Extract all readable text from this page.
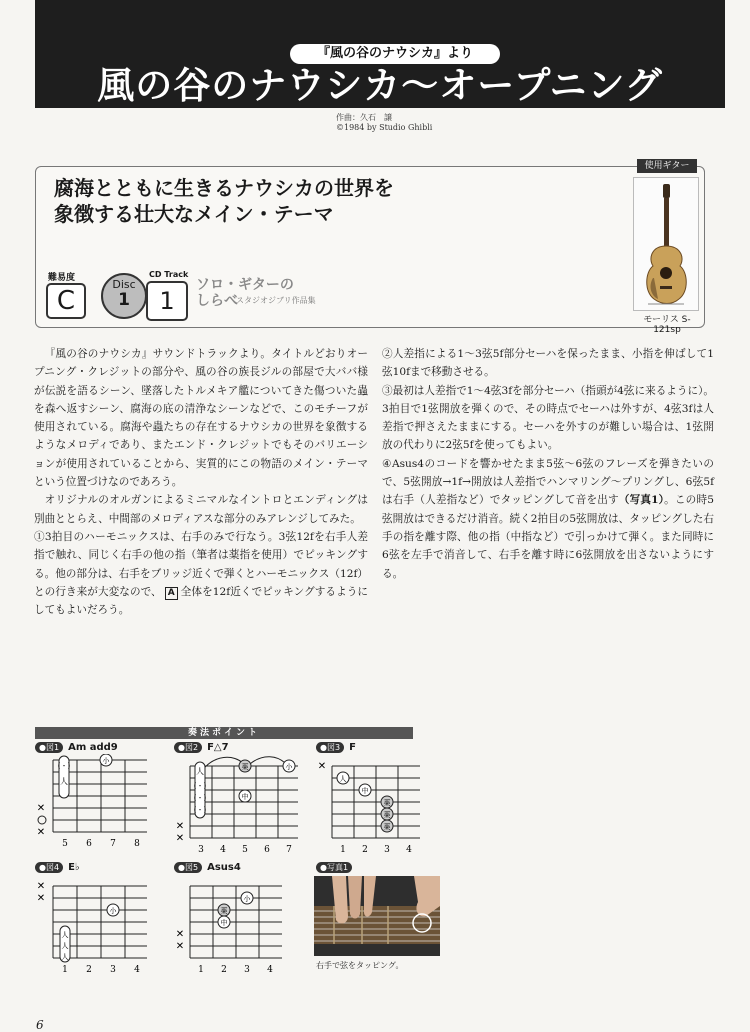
『風の谷のナウシカ』より
風の谷のナウシカ〜オープニング
作曲：久石　譲
©1984 by Studio Ghibli
腐海とともに生きるナウシカの世界を
象徴する壮大なメイン・テーマ
使用ギター
モーリス S-121sp
難易度
C
Disc
1
CD Track
1
ソロ・ギターの
しらべ
スタジオジブリ作品集

『風の谷のナウシカ』サウンドトラックより。タイトルどおりオープニング・クレジットの部分や、風の谷の族長ジルの部屋で大ババ様が伝説を語るシーン、墜落したトルメキア艦についてきた傷ついた蟲を森へ返すシーン、腐海の底の清浄なシーンなどで、このモチーフが使用されている。腐海や蟲たちの存在するナウシカの世界を象徴するようなメロディであり、またエンド・クレジットでもそのバリエーションが使用されていることから、実質的にこの物語のメイン・テーマという位置づけなのであろう。

オリジナルのオルガンによるミニマルなイントロとエンディングは別曲ととらえ、中間部のメロディアスな部分のみアレンジしてみた。

①3拍目のハーモニックスは、右手のみで行なう。3弦12fを右手人差指で触れ、同じく右手の他の指（筆者は薬指を使用）でピッキングする。他の部分は、右手をブリッジ近くで弾くとハーモニックス（12f）との行き来が大変なので、 A 全体を12f近くでピッキングするようにしてもよいだろう。

②人差指による1〜3弦5f部分セーハを保ったまま、小指を伸ばして1弦10fまで移動させる。

③最初は人差指で1〜4弦3fを部分セーハ（指頭が4弦に来るように）。3拍目で1弦開放を弾くので、その時点でセーハは外すが、4弦3fは人差指で押さえたままにする。セーハを外すのが難しい場合は、1弦開放の代わりに2弦5fを使ってもよい。

④Asus4のコードを響かせたまま5弦〜6弦のフレーズを弾きたいので、5弦開放→1f→開放は人差指でハンマリング〜プリングし、6弦5fは右手（人差指など）でタッピングして音を出す（写真1）。この時5弦開放はできるだけ消音。続く2拍目の5弦開放は、タッピングした右手の指を離す際、他の指（中指など）で引っかけて弾く。また同時に6弦を左手で消音して、右手を離す時に6弦開放を出さないようにする。

奏法ポイント
●図1 Am add9
(・)
人
小
✕
✕
5 6 7 8
●図2 F△7
人
(・)
(・)
(・)
薬
中
小
✕
✕
3 4 5 6 7
●図3 F
人
中
薬
薬
薬
✕
1 2 3 4
●図4 E♭
小
人
人
人
✕
✕
1 2 3 4
●図5 Asus4
小
薬
中
✕
✕
1 2 3 4
●写真1
右手で弦をタッピング。
6
